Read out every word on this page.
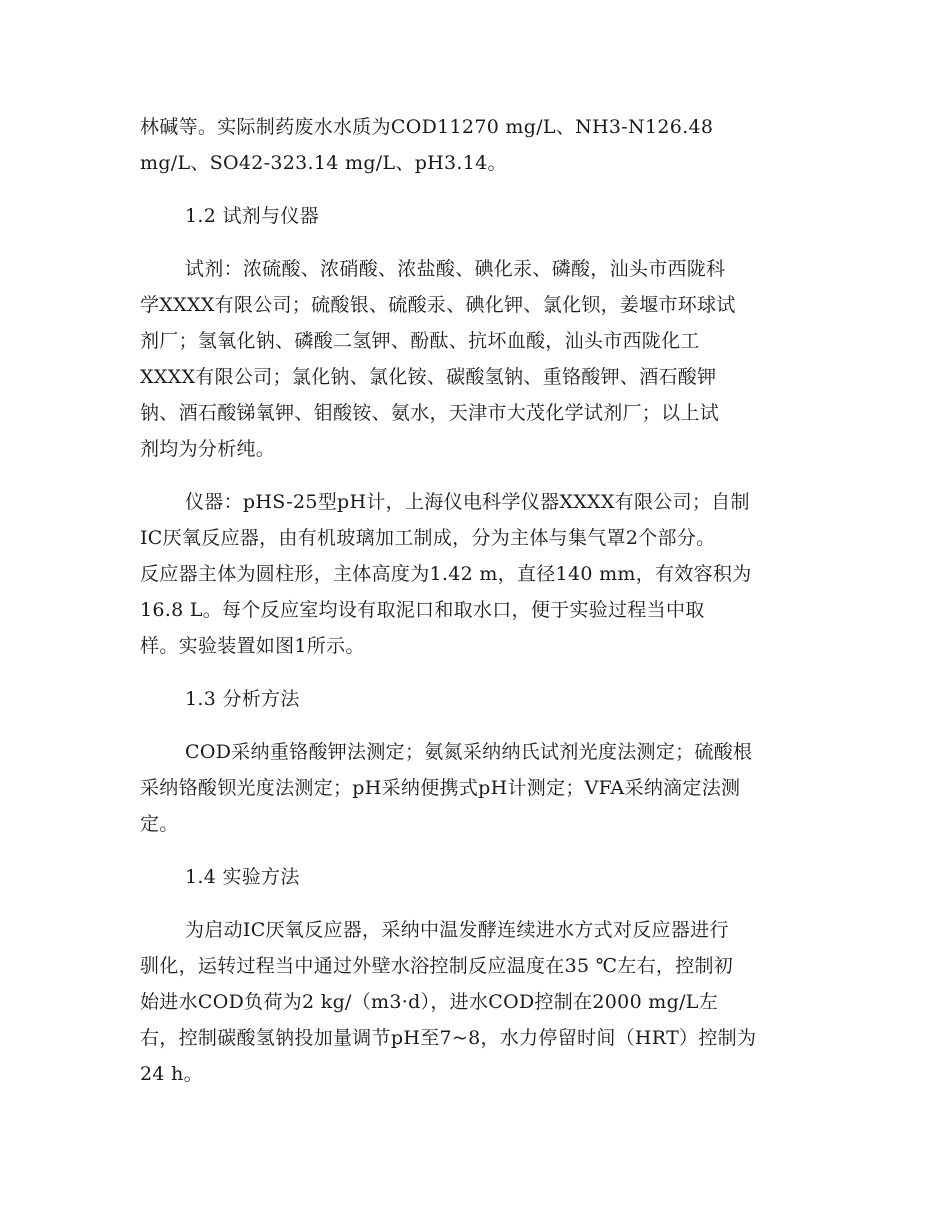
林碱等。实际制药废水水质为COD11270 mg/L、NH3-N126.48
mg/L、SO42-323.14 mg/L、pH3.14。
1.2 试剂与仪器
试剂：浓硫酸、浓硝酸、浓盐酸、碘化汞、磷酸，汕头市西陇科
学XXXX有限公司；硫酸银、硫酸汞、碘化钾、氯化钡，姜堰市环球试
剂厂；氢氧化钠、磷酸二氢钾、酚酞、抗坏血酸，汕头市西陇化工
XXXX有限公司；氯化钠、氯化铵、碳酸氢钠、重铬酸钾、酒石酸钾
钠、酒石酸锑氧钾、钼酸铵、氨水，天津市大茂化学试剂厂；以上试
剂均为分析纯。
仪器：pHS-25型pH计，上海仪电科学仪器XXXX有限公司；自制
IC厌氧反应器，由有机玻璃加工制成，分为主体与集气罩2个部分。
反应器主体为圆柱形，主体高度为1.42 m，直径140 mm，有效容积为
16.8 L。每个反应室均设有取泥口和取水口，便于实验过程当中取
样。实验装置如图1所示。
1.3 分析方法
COD采纳重铬酸钾法测定；氨氮采纳纳氏试剂光度法测定；硫酸根
采纳铬酸钡光度法测定；pH采纳便携式pH计测定；VFA采纳滴定法测
定。
1.4 实验方法
为启动IC厌氧反应器，采纳中温发酵连续进水方式对反应器进行
驯化，运转过程当中通过外壁水浴控制反应温度在35 ℃左右，控制初
始进水COD负荷为2 kg/（m3·d），进水COD控制在2000 mg/L左
右，控制碳酸氢钠投加量调节pH至7~8，水力停留时间（HRT）控制为
24 h。
